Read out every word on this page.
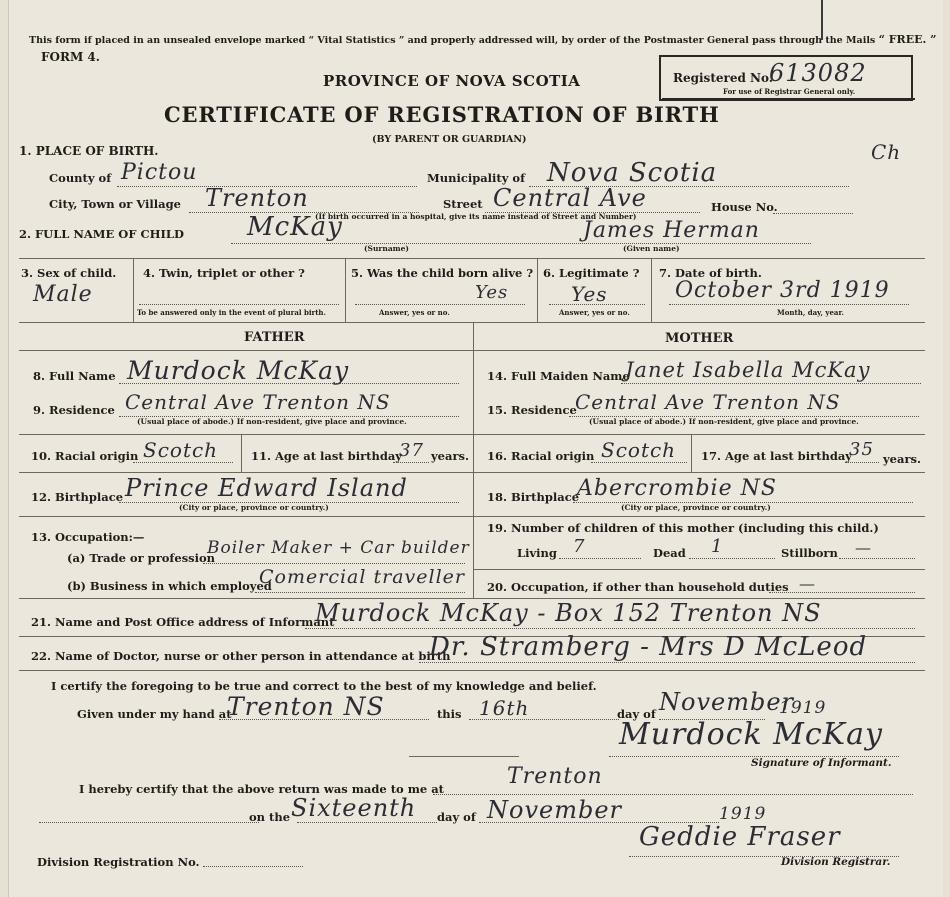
This form if placed in an unsealed envelope marked “ Vital Statistics ” and properly addressed will, by order of the Postmaster General pass through the Mails “ FREE. ”
FORM 4.
Registered No.
613082
For use of Registrar General only.
PROVINCE OF NOVA SCOTIA
CERTIFICATE OF REGISTRATION OF BIRTH
(BY PARENT OR GUARDIAN)
Ch
1. PLACE OF BIRTH.
County of Pictou	Municipality of Nova Scotia
City, Town or Village Trenton	Street Central Ave	House No.
(If birth occurred in a hospital, give its name instead of Street and Number)
2. FULL NAME OF CHILD McKay	James Herman
(Surname)	(Given name)
3. Sex of child.
Male
4. Twin, triplet or other ?
To be answered only in the event of plural birth.
5. Was the child born alive ?
Yes
Answer, yes or no.
6. Legitimate ?
Yes
Answer, yes or no.
7. Date of birth.
October 3rd 1919
Month, day, year.
FATHER	MOTHER
8. Full Name Murdock McKay
9. Residence Central Ave Trenton NS
(Usual place of abode.) If non-resident, give place and province.
10. Racial origin Scotch	11. Age at last birthday
37 years.
12. Birthplace Prince Edward Island
(City or place, province or country.)
13. Occupation:—
(a) Trade or profession
Boiler Maker + Car builder
(b) Business in which employed
Comercial traveller
14. Full Maiden Name
Janet Isabella McKay
15. Residence
Central Ave Trenton NS
(Usual place of abode.) If non-resident, give place and province.
16. Racial origin Scotch 17. Age at last birthday
35 years.
18. Birthplace
Abercrombie NS
(City or place, province or country.)
19. Number of children of this mother (including this child.)
Living 7	Dead 1	Stillborn —
20. Occupation, if other than household duties —
21. Name and Post Office address of Informant
Murdock McKay - Box 152 Trenton NS
22. Name of Doctor, nurse or other person in attendance at birth
Dr. Stramberg - Mrs D McLeod
I certify the foregoing to be true and correct to the best of my knowledge and belief.
Given under my hand at
Trenton NS	this 16th	day of November
1919
Murdock McKay
Signature of Informant.
I hereby certify that the above return was made to me at	Trenton
on the Sixteenth day of November	1919
Division Registration No.
Geddie Fraser
Division Registrar.
